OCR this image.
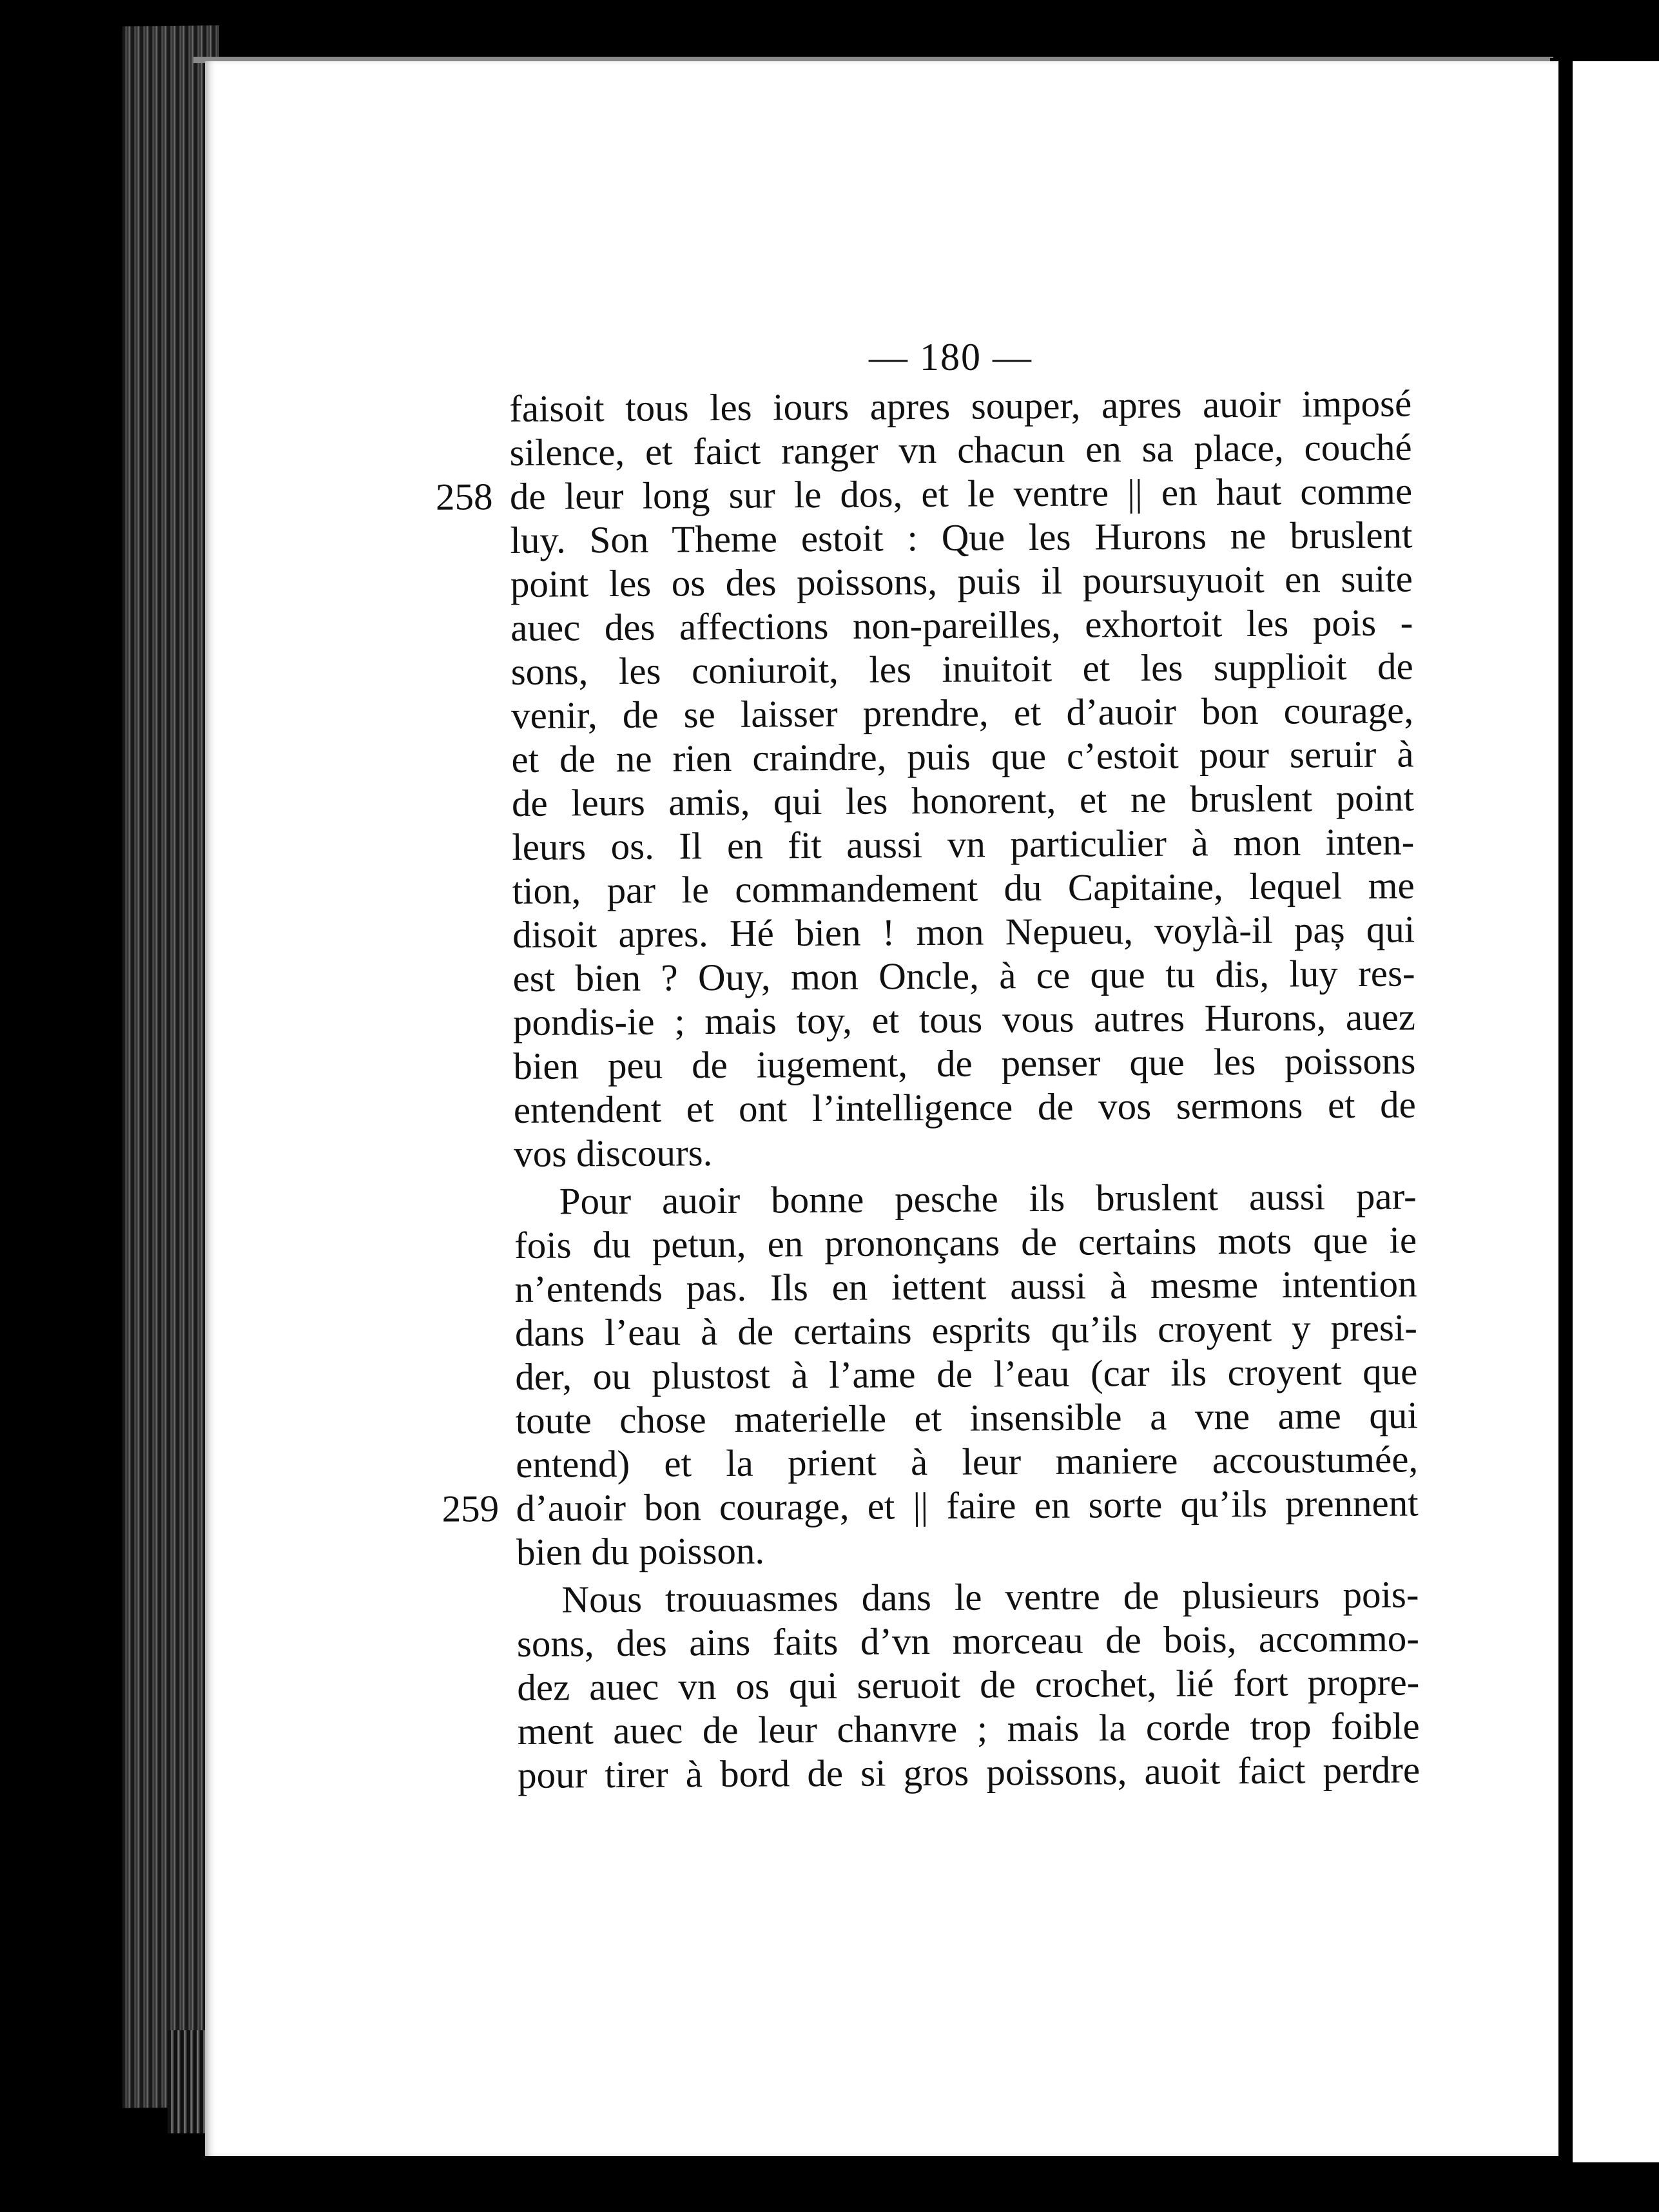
— 180 —
faisoit tous les iours apres souper, apres auoir imposé
silence, et faict ranger vn chacun en sa place, couché
258 de leur long sur le dos, et le ventre || en haut comme
luy. Son Theme estoit : Que les Hurons ne bruslent
point les os des poissons, puis il poursuyuoit en suite
auec des affections non-pareilles, exhortoit les pois -
sons, les coniuroit, les inuitoit et les supplioit de
venir, de se laisser prendre, et d’auoir bon courage,
et de ne rien craindre, puis que c’estoit pour seruir à
de leurs amis, qui les honorent, et ne bruslent point
leurs os. Il en fit aussi vn particulier à mon inten-
tion, par le commandement du Capitaine, lequel me
disoit apres. Hé bien ! mon Nepueu, voylà-il paș qui
est bien ? Ouy, mon Oncle, à ce que tu dis, luy res-
pondis-ie ; mais toy, et tous vous autres Hurons, auez
bien peu de iugement, de penser que les poissons
entendent et ont l’intelligence de vos sermons et de
vos discours.
Pour auoir bonne pesche ils bruslent aussi par-
fois du petun, en prononçans de certains mots que ie
n’entends pas. Ils en iettent aussi à mesme intention
dans l’eau à de certains esprits qu’ils croyent y presi-
der, ou plustost à l’ame de l’eau (car ils croyent que
toute chose materielle et insensible a vne ame qui
entend) et la prient à leur maniere accoustumée,
259 d’auoir bon courage, et || faire en sorte qu’ils prennent
bien du poisson.
Nous trouuasmes dans le ventre de plusieurs pois-
sons, des ains faits d’vn morceau de bois, accommo-
dez auec vn os qui seruoit de crochet, lié fort propre-
ment auec de leur chanvre ; mais la corde trop foible
pour tirer à bord de si gros poissons, auoit faict perdre
